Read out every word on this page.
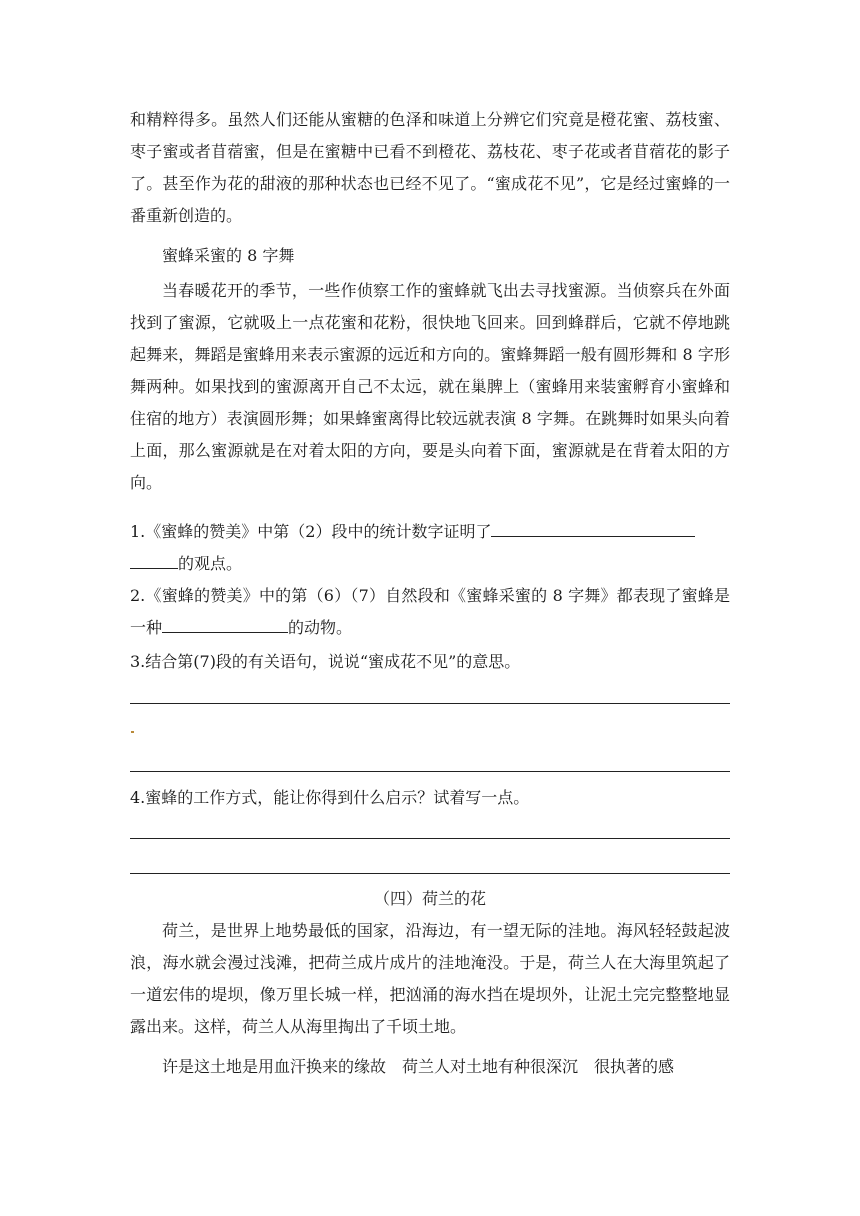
和精粹得多。虽然人们还能从蜜糖的色泽和味道上分辨它们究竟是橙花蜜、荔枝蜜、枣子蜜或者苜蓿蜜，但是在蜜糖中已看不到橙花、荔枝花、枣子花或者苜蓿花的影子了。甚至作为花的甜液的那种状态也已经不见了。“蜜成花不见”，它是经过蜜蜂的一番重新创造的。

蜜蜂采蜜的 8 字舞

当春暖花开的季节，一些作侦察工作的蜜蜂就飞出去寻找蜜源。当侦察兵在外面找到了蜜源，它就吸上一点花蜜和花粉，很快地飞回来。回到蜂群后，它就不停地跳起舞来，舞蹈是蜜蜂用来表示蜜源的远近和方向的。蜜蜂舞蹈一般有圆形舞和 8 字形舞两种。如果找到的蜜源离开自己不太远，就在巢脾上（蜜蜂用来装蜜孵育小蜜蜂和住宿的地方）表演圆形舞；如果蜂蜜离得比较远就表演 8 字舞。在跳舞时如果头向着上面，那么蜜源就是在对着太阳的方向，要是头向着下面，蜜源就是在背着太阳的方向。

1.《蜜蜂的赞美》中第（2）段中的统计数字证明了
的观点。

2.《蜜蜂的赞美》中的第（6）（7）自然段和《蜜蜂采蜜的 8 字舞》都表现了蜜蜂是一种	的动物。

3.结合第(7)段的有关语句，说说“蜜成花不见”的意思。

4.蜜蜂的工作方式，能让你得到什么启示？试着写一点。

（四）荷兰的花

荷兰，是世界上地势最低的国家，沿海边，有一望无际的洼地。海风轻轻鼓起波浪，海水就会漫过浅滩，把荷兰成片成片的洼地淹没。于是，荷兰人在大海里筑起了一道宏伟的堤坝，像万里长城一样，把汹涌的海水挡在堤坝外，让泥土完完整整地显露出来。这样，荷兰人从海里掏出了千顷土地。

许是这土地是用血汗换来的缘故　荷兰人对土地有种很深沉　很执著的感
